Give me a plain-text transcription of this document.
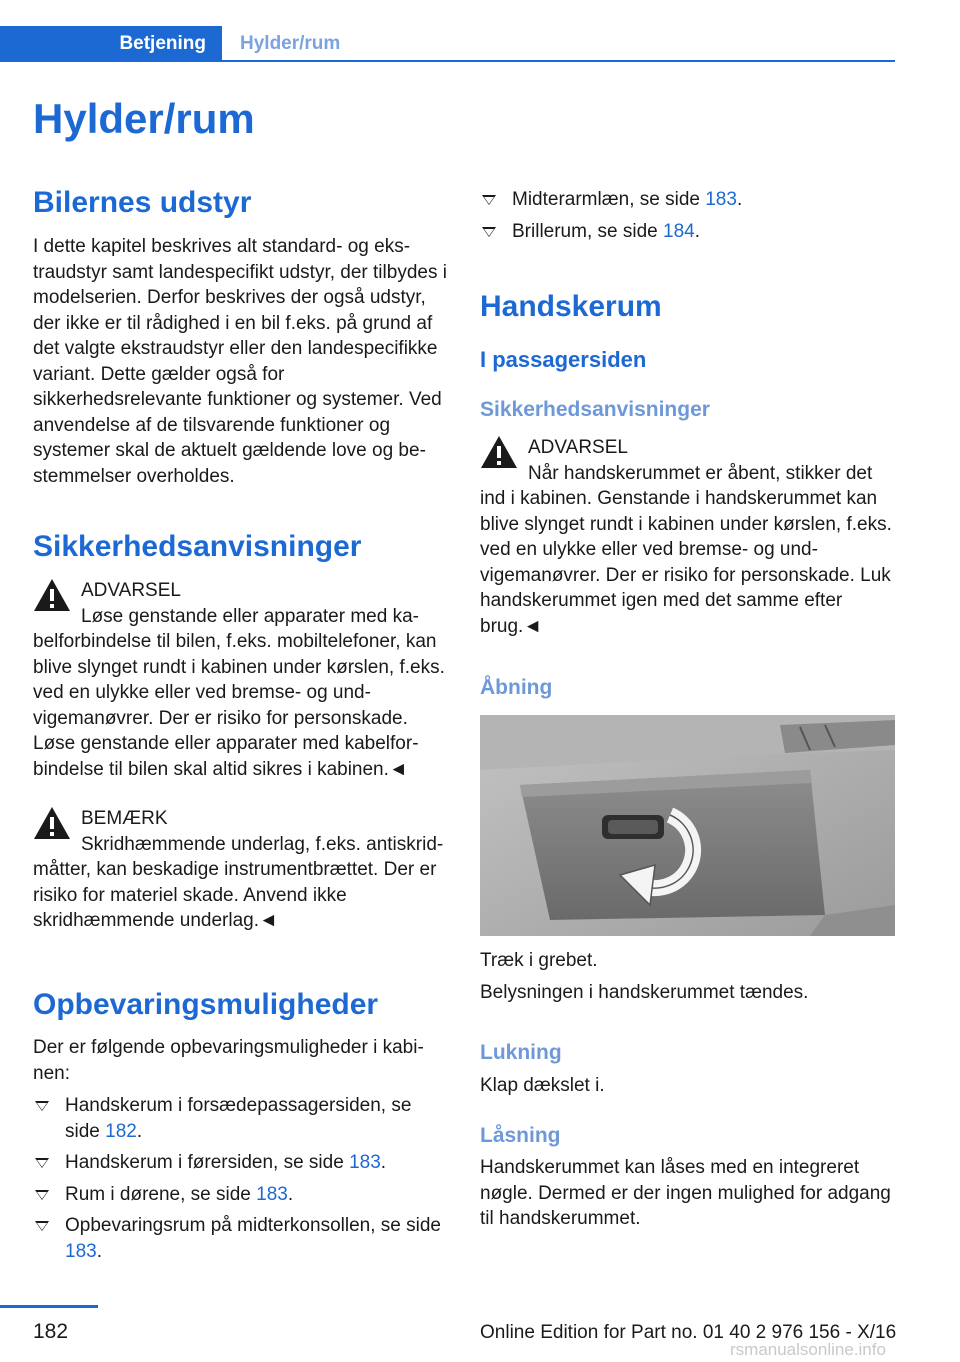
Betjening Hylder/rum
Hylder/rum
Bilernes udstyr

I dette kapitel beskrives alt standard- og ekstraudstyr samt landespecifikt udstyr, der tilbydes i modelserien. Derfor beskrives der også udstyr, der ikke er til rådighed i en bil f.eks. på grund af det valgte ekstraudstyr eller den landespecifikke variant. Dette gælder også for sikkerhedsrelevante funktioner og systemer. Ved anvendelse af de tilsvarende funktioner og systemer skal de aktuelt gældende love og bestemmelser overholdes.

Sikkerhedsanvisninger
ADVARSEL
Løse genstande eller apparater med kabelforbindelse til bilen, f.eks. mobiltelefoner, kan blive slynget rundt i kabinen under kørslen, f.eks. ved en ulykke eller ved bremse- og undvigemanøvrer. Der er risiko for personskade. Løse genstande eller apparater med kabelforbindelse til bilen skal altid sikres i kabinen.◄
BEMÆRK
Skridhæmmende underlag, f.eks. antiskrid-måtter, kan beskadige instrumentbrættet. Der er risiko for materiel skade. Anvend ikke skridhæmmende underlag.◄
Opbevaringsmuligheder

Der er følgende opbevaringsmuligheder i kabinen:

Handskerum i forsædepassagersiden, se side 182.
Handskerum i førersiden, se side 183.
Rum i dørene, se side 183.
Opbevaringsrum på midterkonsollen, se side 183.
Midterarmlæn, se side 183.
Brillerum, se side 184.
Handskerum
I passagersiden
Sikkerhedsanvisninger
ADVARSEL
Når handskerummet er åbent, stikker det ind i kabinen. Genstande i handskerummet kan blive slynget rundt i kabinen under kørslen, f.eks. ved en ulykke eller ved bremse- og undvigemanøvrer. Der er risiko for personskade. Luk handskerummet igen med det samme efter brug.◄
Åbning

Træk i grebet.

Belysningen i handskerummet tændes.

Lukning

Klap dækslet i.

Låsning

Handskerummet kan låses med en integreret nøgle. Dermed er der ingen mulighed for adgang til handskerummet.

182	Online Edition for Part no. 01 40 2 976 156 - X/16
rsmanualsonline.info
